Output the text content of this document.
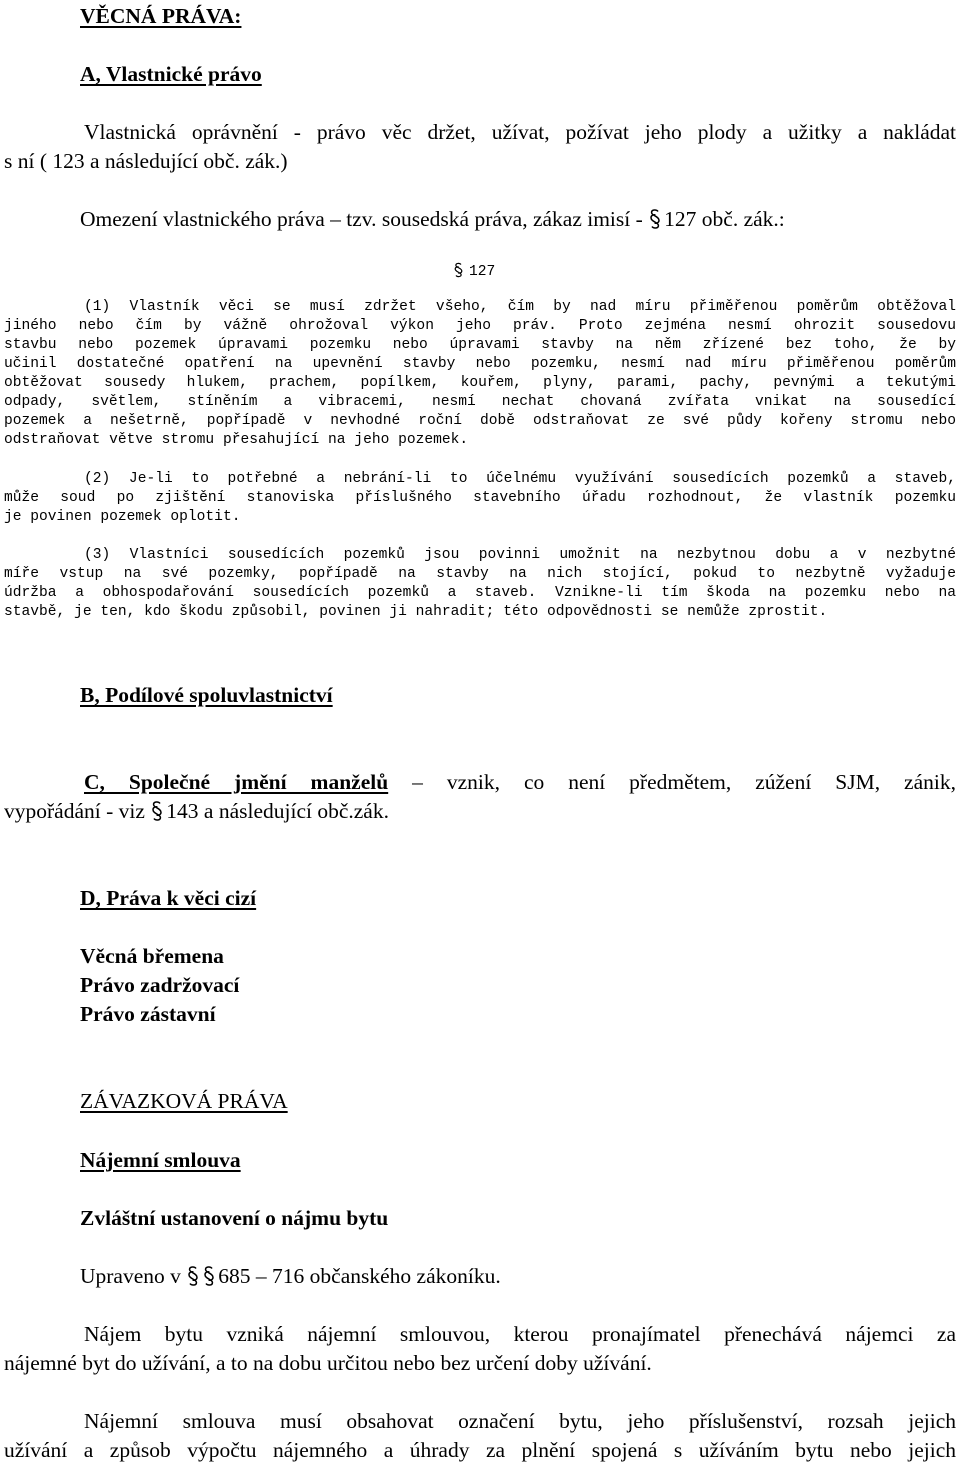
VĚCNÁ PRÁVA:
A, Vlastnické právo
Vlastnická oprávnění - právo věc držet, užívat, požívat jeho plody a užitky a nakládat
s ní ( 123 a následující obč. zák.)
Omezení vlastnického práva – tzv. sousedská práva, zákaz imisí -
127 obč. zák.:
127
(1) Vlastník věci se musí zdržet všeho, čím by nad míru přiměřenou poměrům obtěžoval
jiného nebo čím by vážně ohrožoval výkon jeho práv. Proto zejména nesmí ohrozit sousedovu
stavbu nebo pozemek úpravami pozemku nebo úpravami stavby na něm zřízené bez toho, že by
učinil dostatečné opatření na upevnění stavby nebo pozemku, nesmí nad míru přiměřenou poměrům
obtěžovat sousedy hlukem, prachem, popílkem, kouřem, plyny, parami, pachy, pevnými a tekutými
odpady, světlem, stíněním a vibracemi, nesmí nechat chovaná zvířata vnikat na sousedící
pozemek a nešetrně, popřípadě v nevhodné roční době odstraňovat ze své půdy kořeny stromu nebo
odstraňovat větve stromu přesahující na jeho pozemek.
(2) Je-li to potřebné a nebrání-li to účelnému využívání sousedících pozemků a staveb,
může soud po zjištění stanoviska příslušného stavebního úřadu rozhodnout, že vlastník pozemku
je povinen pozemek oplotit.
(3) Vlastníci sousedících pozemků jsou povinni umožnit na nezbytnou dobu a v nezbytné
míře vstup na své pozemky, popřípadě na stavby na nich stojící, pokud to nezbytně vyžaduje
údržba a obhospodařování sousedících pozemků a staveb. Vznikne-li tím škoda na pozemku nebo na
stavbě, je ten, kdo škodu způsobil, povinen ji nahradit; této odpovědnosti se nemůže zprostit.
B, Podílové spoluvlastnictví
C, Společné jmění manželů – vznik, co není předmětem, zúžení SJM, zánik,
vypořádání - viz
143 a následující obč.zák.
D, Práva k věci cizí
Věcná břemena
Právo zadržovací
Právo zástavní
ZÁVAZKOVÁ PRÁVA
Nájemní smlouva
Zvláštní ustanovení o nájmu bytu
Upraveno v
685 – 716 občanského zákoníku.
Nájem bytu vzniká nájemní smlouvou, kterou pronajímatel přenechává nájemci za
nájemné byt do užívání, a to na dobu určitou nebo bez určení doby užívání.
Nájemní smlouva musí obsahovat označení bytu, jeho příslušenství, rozsah jejich
užívání a způsob výpočtu nájemného a úhrady za plnění spojená s užíváním bytu nebo jejich
